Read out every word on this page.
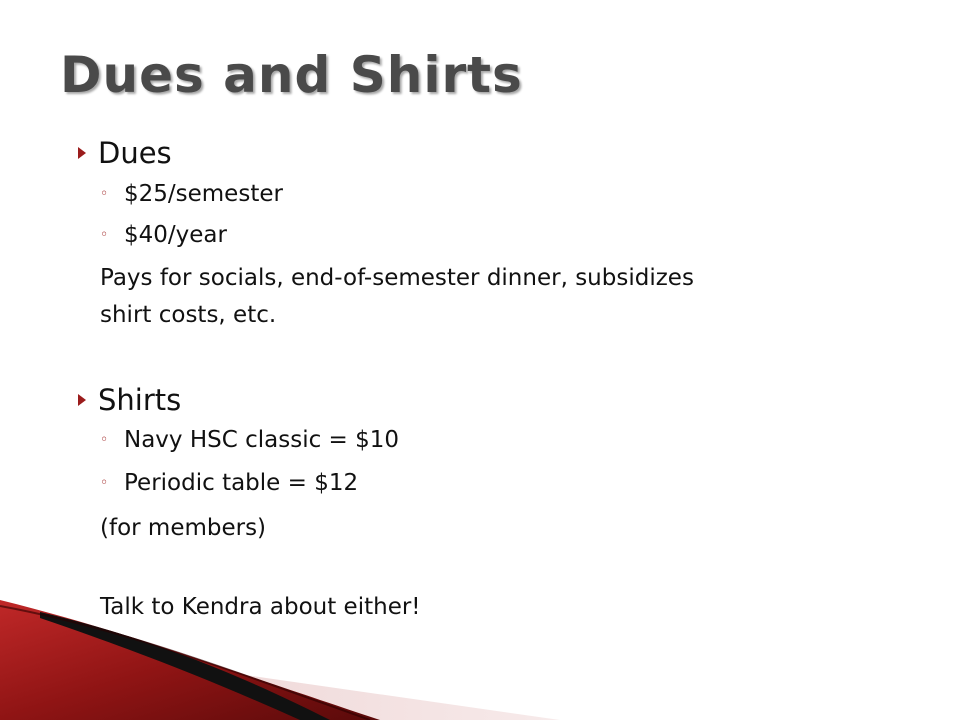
Dues and Shirts
Dues
◦ $25/semester
◦ $40/year
Pays for socials, end-of-semester dinner, subsidizes
shirt costs, etc.
Shirts
◦ Navy HSC classic = $10
◦ Periodic table = $12
(for members)
Talk to Kendra about either!
